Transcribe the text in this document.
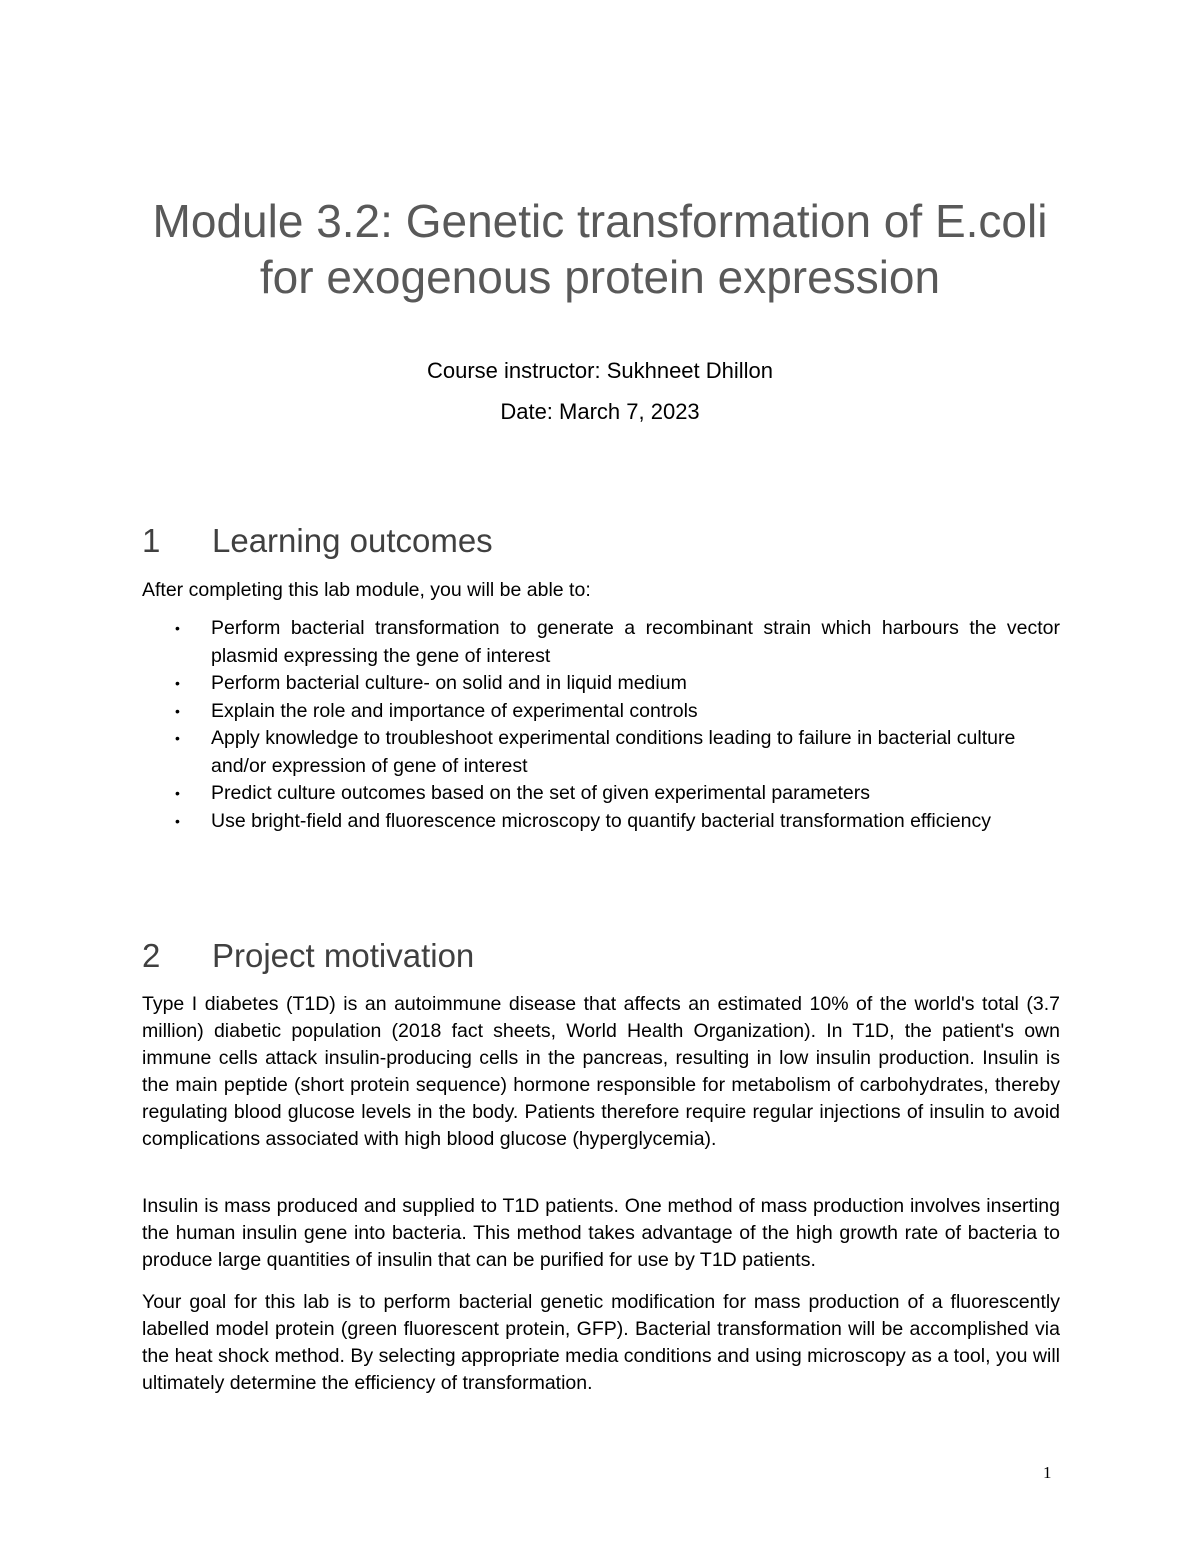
Module 3.2: Genetic transformation of E.coli
for exogenous protein expression

Course instructor: Sukhneet Dhillon

Date: March 7, 2023

1 Learning outcomes

After completing this lab module, you will be able to:

• Perform bacterial transformation to generate a recombinant strain which harbours the vector plasmid expressing the gene of interest
• Perform bacterial culture- on solid and in liquid medium
• Explain the role and importance of experimental controls
• Apply knowledge to troubleshoot experimental conditions leading to failure in bacterial culture and/or expression of gene of interest
• Predict culture outcomes based on the set of given experimental parameters
• Use bright-field and fluorescence microscopy to quantify bacterial transformation efficiency
2 Project motivation

Type I diabetes (T1D) is an autoimmune disease that affects an estimated 10% of the world's total (3.7 million) diabetic population (2018 fact sheets, World Health Organization). In T1D, the patient's own immune cells attack insulin-producing cells in the pancreas, resulting in low insulin production. Insulin is the main peptide (short protein sequence) hormone responsible for metabolism of carbohydrates, thereby regulating blood glucose levels in the body. Patients therefore require regular injections of insulin to avoid complications associated with high blood glucose (hyperglycemia).

Insulin is mass produced and supplied to T1D patients. One method of mass production involves inserting the human insulin gene into bacteria. This method takes advantage of the high growth rate of bacteria to produce large quantities of insulin that can be purified for use by T1D patients.

Your goal for this lab is to perform bacterial genetic modification for mass production of a fluorescently labelled model protein (green fluorescent protein, GFP). Bacterial transformation will be accomplished via the heat shock method. By selecting appropriate media conditions and using microscopy as a tool, you will ultimately determine the efficiency of transformation.

1
